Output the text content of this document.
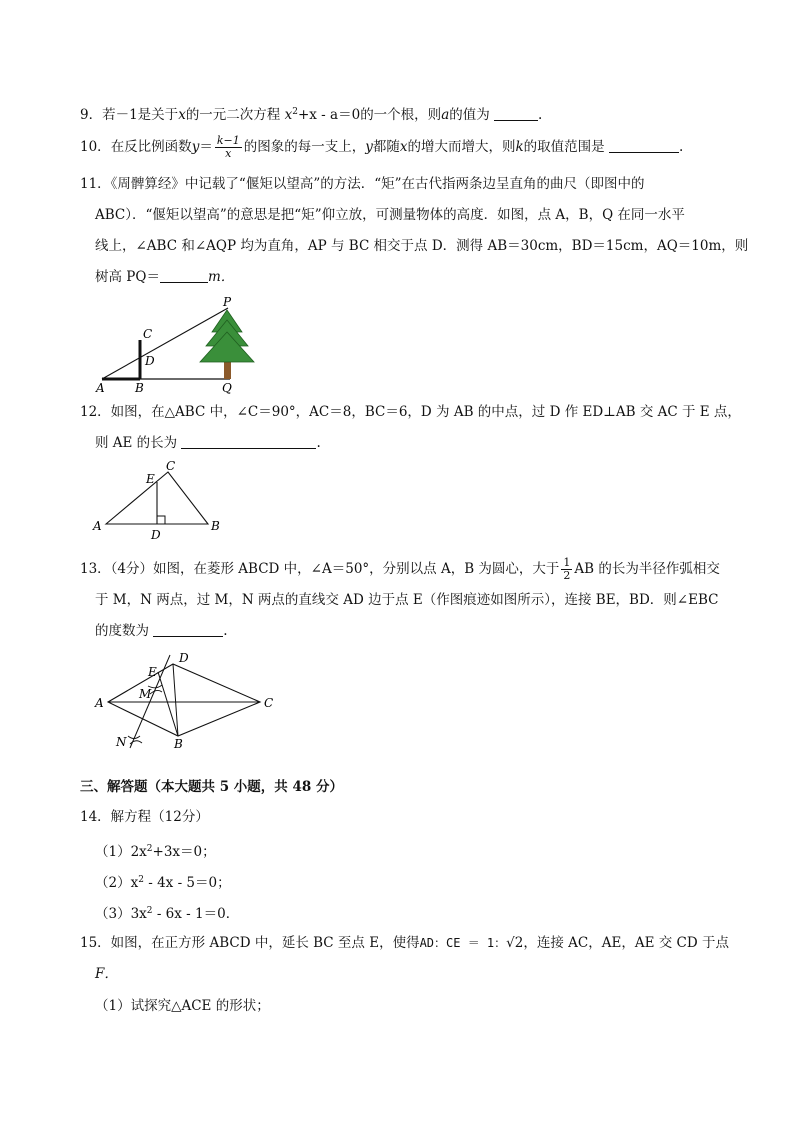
9．若－1是关于x的一元二次方程 $x^2+x - a=0$的一个根，则a的值为	.
10．在反比例函数$y= \frac{k-1}{x}$ 的图象的每一支上，y都随x的增大而增大，则k的取值范围是	.
11．《周髀算经》中记载了“偃矩以望高”的方法．“矩”在古代指两条边呈直角的曲尺（即图中的
ABC）．“偃矩以望高”的意思是把“矩”仰立放，可测量物体的高度．如图，点 A，B，Q 在同一水平
线上，∠ABC 和∠AQP 均为直角，AP 与 BC 相交于点 D．测得 AB＝30cm，BD＝15cm，AQ＝10m，则
树高 PQ＝	m．
P
C
D
A	B	Q
12．如图，在△ABC 中，∠C＝90°，AC＝8，BC＝6，D 为 AB 的中点，过 D 作 ED⊥AB 交 AC 于 E 点，
则 AE 的长为	.
C
E
A
D
B
13．（4分）如图，在菱形 ABCD 中，∠A＝50°，分别以点 A，B 为圆心，大于 $\frac{1}{2}$ AB 的长为半径作弧相交
于 M，N 两点，过 M，N 两点的直线交 AD 边于点 E（作图痕迹如图所示），连接 BE，BD．则∠EBC
的度数为	.
D
E
M
A	C
N	B
三、解答题（本大题共 5 小题，共 48 分）
14．解方程（12分）
$(1)2x^2+3x=0$；
$(2)x^2 - 4x - 5=0$；
$(3)3x^2 - 6x - 1=0$．
15．如图，在正方形 ABCD 中，延长 BC 至点 E，使得AD：CE ＝ 1：√2，连接 AC，AE，AE 交 CD 于点
F．
（1）试探究△ACE 的形状；
